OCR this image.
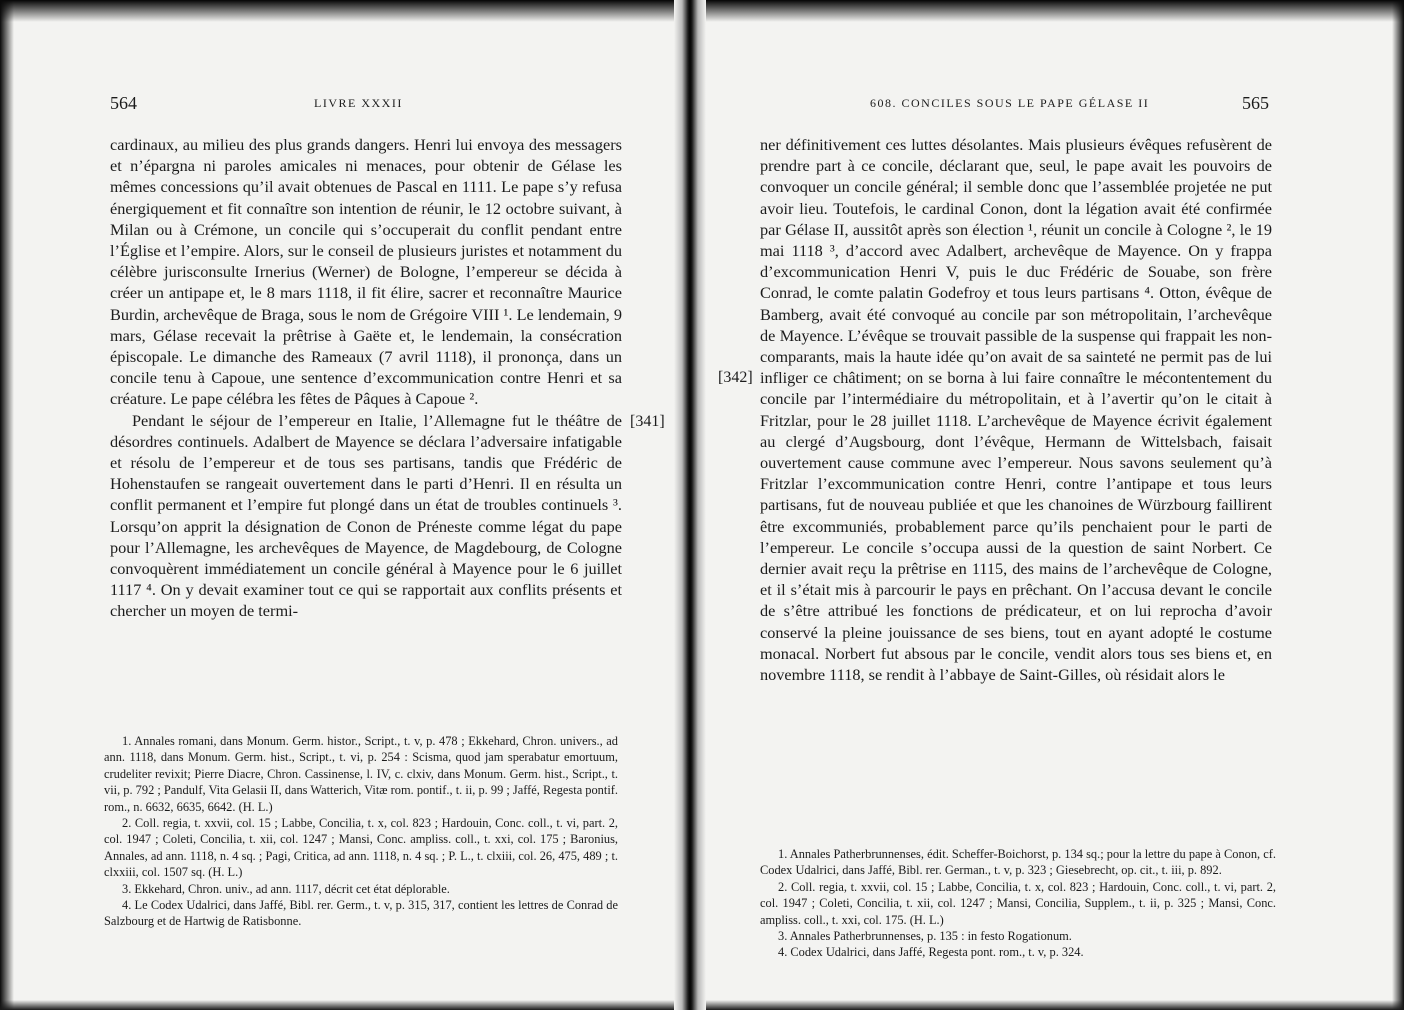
564	LIVRE XXXII

cardinaux, au milieu des plus grands dangers. Henri lui envoya des messagers et n’épargna ni paroles amicales ni menaces, pour obtenir de Gélase les mêmes concessions qu’il avait obtenues de Pascal en 1111. Le pape s’y refusa énergiquement et fit connaître son intention de réunir, le 12 octobre suivant, à Milan ou à Crémone, un concile qui s’occuperait du conflit pendant entre l’Église et l’empire. Alors, sur le conseil de plusieurs juristes et notamment du célèbre jurisconsulte Irnerius (Werner) de Bologne, l’empereur se décida à créer un antipape et, le 8 mars 1118, il fit élire, sacrer et reconnaître Maurice Burdin, archevêque de Braga, sous le nom de Grégoire VIII ¹. Le lendemain, 9 mars, Gélase recevait la prêtrise à Gaëte et, le lendemain, la consécration épiscopale. Le dimanche des Rameaux (7 avril 1118), il prononça, dans un concile tenu à Capoue, une sentence d’excommunication contre Henri et sa créature. Le pape célébra les fêtes de Pâques à Capoue ².

Pendant le séjour de l’empereur en Italie, l’Allemagne fut le théâtre de désordres continuels. Adalbert de Mayence se déclara l’adversaire infatigable et résolu de l’empereur et de tous ses partisans, tandis que Frédéric de Hohenstaufen se rangeait ouvertement dans le parti d’Henri. Il en résulta un conflit permanent et l’empire fut plongé dans un état de troubles continuels ³. Lorsqu’on apprit la désignation de Conon de Préneste comme légat du pape pour l’Allemagne, les archevêques de Mayence, de Magdebourg, de Cologne convoquèrent immédiatement un concile général à Mayence pour le 6 juillet 1117 ⁴. On y devait examiner tout ce qui se rapportait aux conflits présents et chercher un moyen de termi-

1. Annales romani, dans Monum. Germ. histor., Script., t. v, p. 478 ; Ekkehard, Chron. univers., ad ann. 1118, dans Monum. Germ. hist., Script., t. vi, p. 254 : Scisma, quod jam sperabatur emortuum, crudeliter revixit; Pierre Diacre, Chron. Cassinense, l. IV, c. clxiv, dans Monum. Germ. hist., Script., t. vii, p. 792 ; Pandulf, Vita Gelasii II, dans Watterich, Vitæ rom. pontif., t. ii, p. 99 ; Jaffé, Regesta pontif. rom., n. 6632, 6635, 6642. (H. L.)

2. Coll. regia, t. xxvii, col. 15 ; Labbe, Concilia, t. x, col. 823 ; Hardouin, Conc. coll., t. vi, part. 2, col. 1947 ; Coleti, Concilia, t. xii, col. 1247 ; Mansi, Conc. ampliss. coll., t. xxi, col. 175 ; Baronius, Annales, ad ann. 1118, n. 4 sq. ; Pagi, Critica, ad ann. 1118, n. 4 sq. ; P. L., t. clxiii, col. 26, 475, 489 ; t. clxxiii, col. 1507 sq. (H. L.)

3. Ekkehard, Chron. univ., ad ann. 1117, décrit cet état déplorable.

4. Le Codex Udalrici, dans Jaffé, Bibl. rer. Germ., t. v, p. 315, 317, contient les lettres de Conrad de Salzbourg et de Hartwig de Ratisbonne.

[341]
608. CONCILES SOUS LE PAPE GÉLASE II	565

ner définitivement ces luttes désolantes. Mais plusieurs évêques refusèrent de prendre part à ce concile, déclarant que, seul, le pape avait les pouvoirs de convoquer un concile général; il semble donc que l’assemblée projetée ne put avoir lieu. Toutefois, le cardinal Conon, dont la légation avait été confirmée par Gélase II, aussitôt après son élection ¹, réunit un concile à Cologne ², le 19 mai 1118 ³, d’accord avec Adalbert, archevêque de Mayence. On y frappa d’excommunication Henri V, puis le duc Frédéric de Souabe, son frère Conrad, le comte palatin Godefroy et tous leurs partisans ⁴. Otton, évêque de Bamberg, avait été convoqué au concile par son métropolitain, l’archevêque de Mayence. L’évêque se trouvait passible de la suspense qui frappait les non-comparants, mais la haute idée qu’on avait de sa sainteté ne permit pas de lui infliger ce châtiment; on se borna à lui faire connaître le mécontentement du concile par l’intermédiaire du métropolitain, et à l’avertir qu’on le citait à Fritzlar, pour le 28 juillet 1118. L’archevêque de Mayence écrivit également au clergé d’Augsbourg, dont l’évêque, Hermann de Wittelsbach, faisait ouvertement cause commune avec l’empereur. Nous savons seulement qu’à Fritzlar l’excommunication contre Henri, contre l’antipape et tous leurs partisans, fut de nouveau publiée et que les chanoines de Würzbourg faillirent être excommuniés, probablement parce qu’ils penchaient pour le parti de l’empereur. Le concile s’occupa aussi de la question de saint Norbert. Ce dernier avait reçu la prêtrise en 1115, des mains de l’archevêque de Cologne, et il s’était mis à parcourir le pays en prêchant. On l’accusa devant le concile de s’être attribué les fonctions de prédicateur, et on lui reprocha d’avoir conservé la pleine jouissance de ses biens, tout en ayant adopté le costume monacal. Norbert fut absous par le concile, vendit alors tous ses biens et, en novembre 1118, se rendit à l’abbaye de Saint-Gilles, où résidait alors le

1. Annales Patherbrunnenses, édit. Scheffer-Boichorst, p. 134 sq.; pour la lettre du pape à Conon, cf. Codex Udalrici, dans Jaffé, Bibl. rer. German., t. v, p. 323 ; Giesebrecht, op. cit., t. iii, p. 892.

2. Coll. regia, t. xxvii, col. 15 ; Labbe, Concilia, t. x, col. 823 ; Hardouin, Conc. coll., t. vi, part. 2, col. 1947 ; Coleti, Concilia, t. xii, col. 1247 ; Mansi, Concilia, Supplem., t. ii, p. 325 ; Mansi, Conc. ampliss. coll., t. xxi, col. 175. (H. L.)

3. Annales Patherbrunnenses, p. 135 : in festo Rogationum.

4. Codex Udalrici, dans Jaffé, Regesta pont. rom., t. v, p. 324.

[342]
